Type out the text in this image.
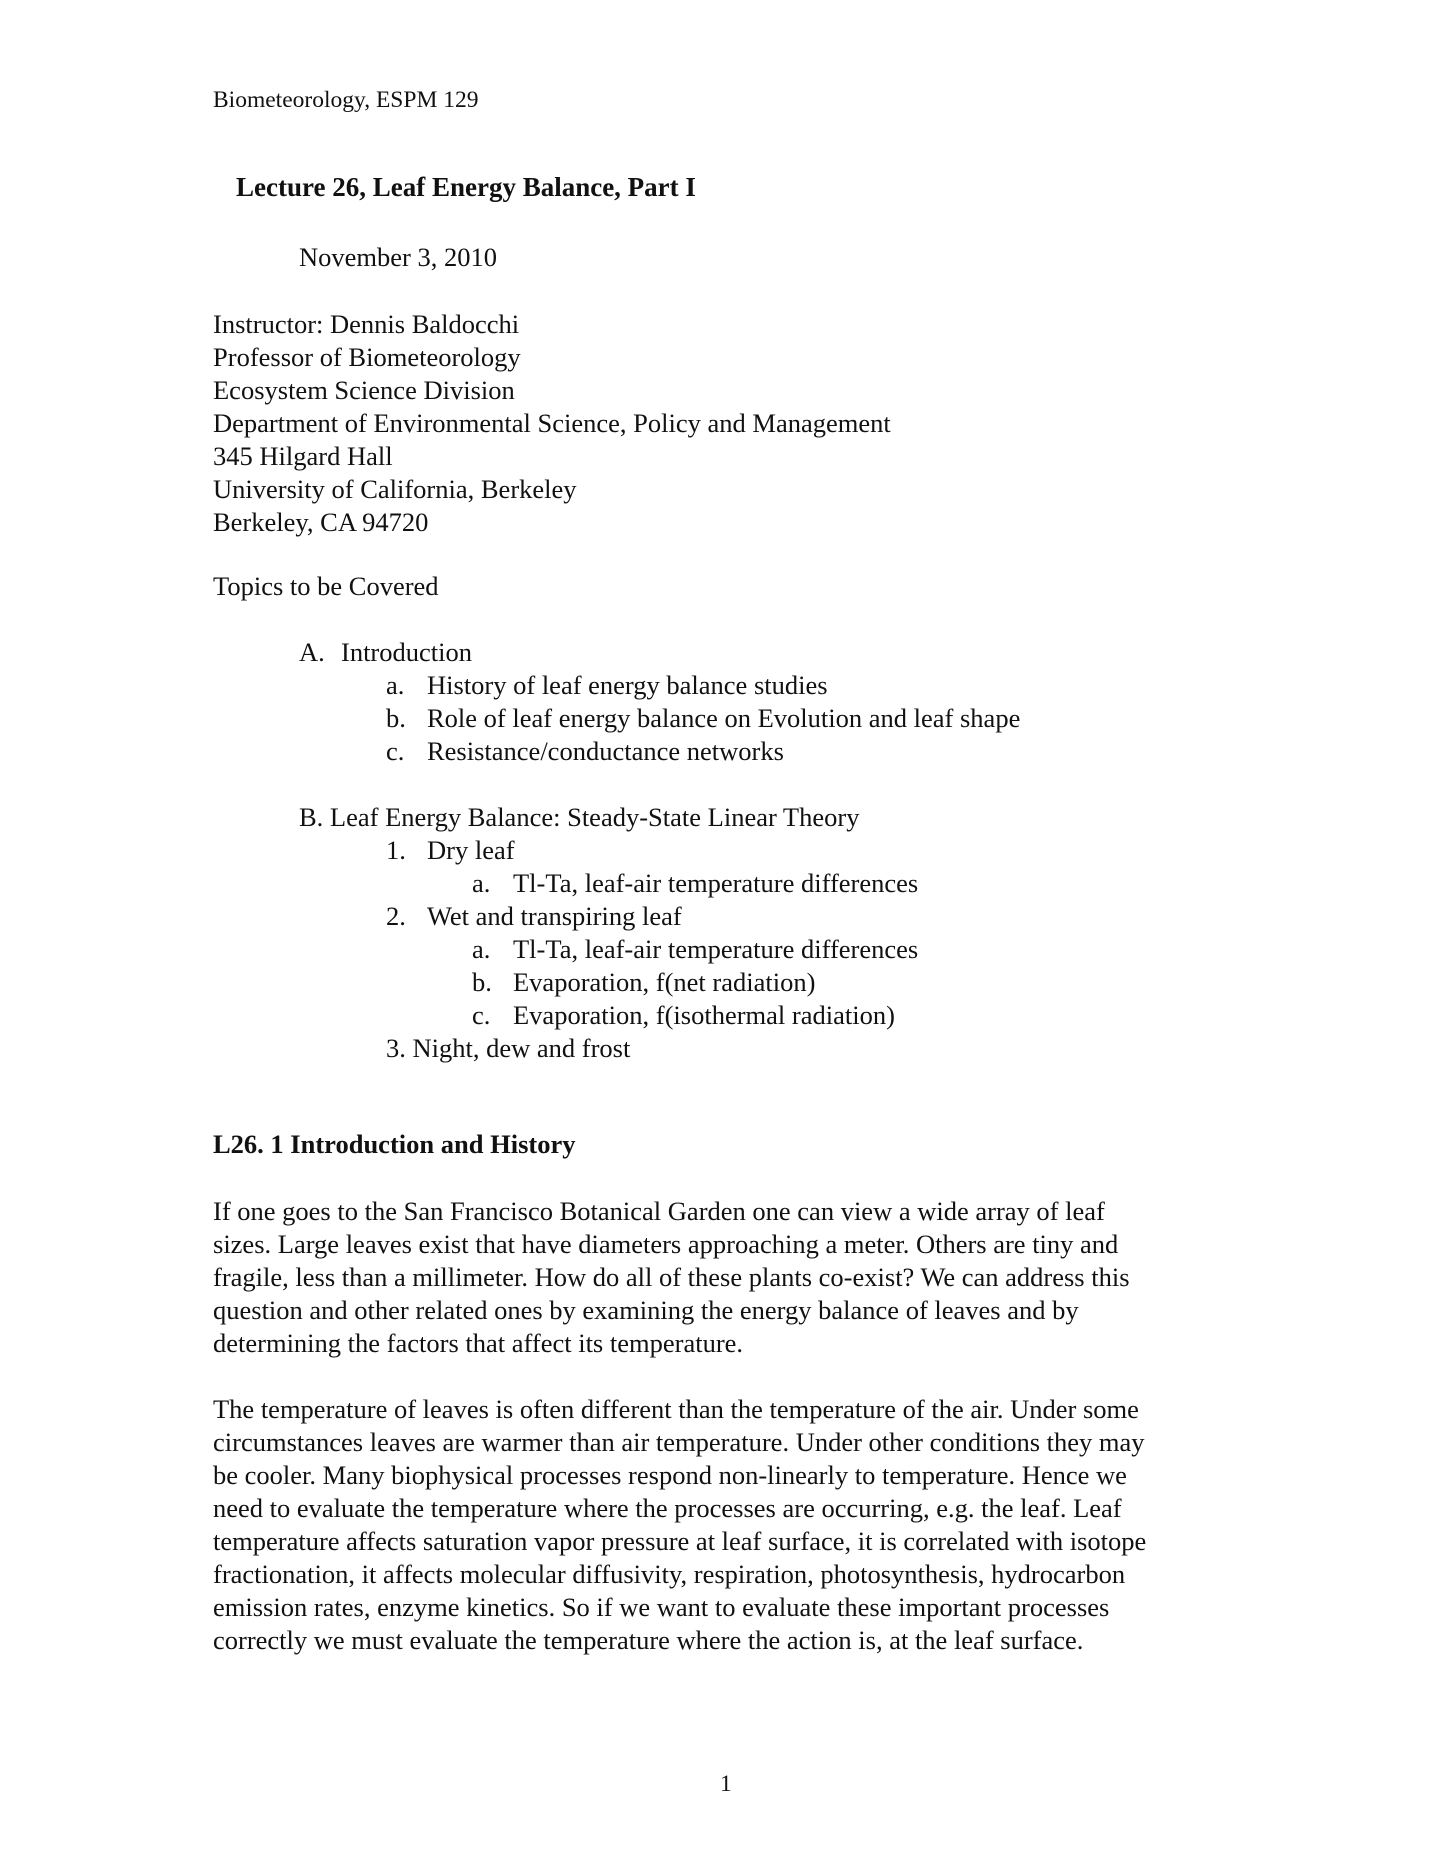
Biometeorology, ESPM 129
Lecture 26, Leaf Energy Balance, Part I
November 3, 2010
Instructor: Dennis Baldocchi
Professor of Biometeorology
Ecosystem Science Division
Department of Environmental Science, Policy and Management
345 Hilgard Hall
University of California, Berkeley
Berkeley, CA 94720
Topics to be Covered
A. Introduction
a. History of leaf energy balance studies
b. Role of leaf energy balance on Evolution and leaf shape
c. Resistance/conductance networks
B. Leaf Energy Balance: Steady-State Linear Theory
1. Dry leaf
a. Tl-Ta, leaf-air temperature differences
2. Wet and transpiring leaf
a. Tl-Ta, leaf-air temperature differences
b. Evaporation, f(net radiation)
c. Evaporation, f(isothermal radiation)
3. Night, dew and frost
L26. 1 Introduction and History
If one goes to the San Francisco Botanical Garden one can view a wide array of leaf
sizes. Large leaves exist that have diameters approaching a meter. Others are tiny and
fragile, less than a millimeter. How do all of these plants co-exist? We can address this
question and other related ones by examining the energy balance of leaves and by
determining the factors that affect its temperature.
The temperature of leaves is often different than the temperature of the air. Under some
circumstances leaves are warmer than air temperature. Under other conditions they may
be cooler. Many biophysical processes respond non-linearly to temperature. Hence we
need to evaluate the temperature where the processes are occurring, e.g. the leaf. Leaf
temperature affects saturation vapor pressure at leaf surface, it is correlated with isotope
fractionation, it affects molecular diffusivity, respiration, photosynthesis, hydrocarbon
emission rates, enzyme kinetics. So if we want to evaluate these important processes
correctly we must evaluate the temperature where the action is, at the leaf surface.
1
